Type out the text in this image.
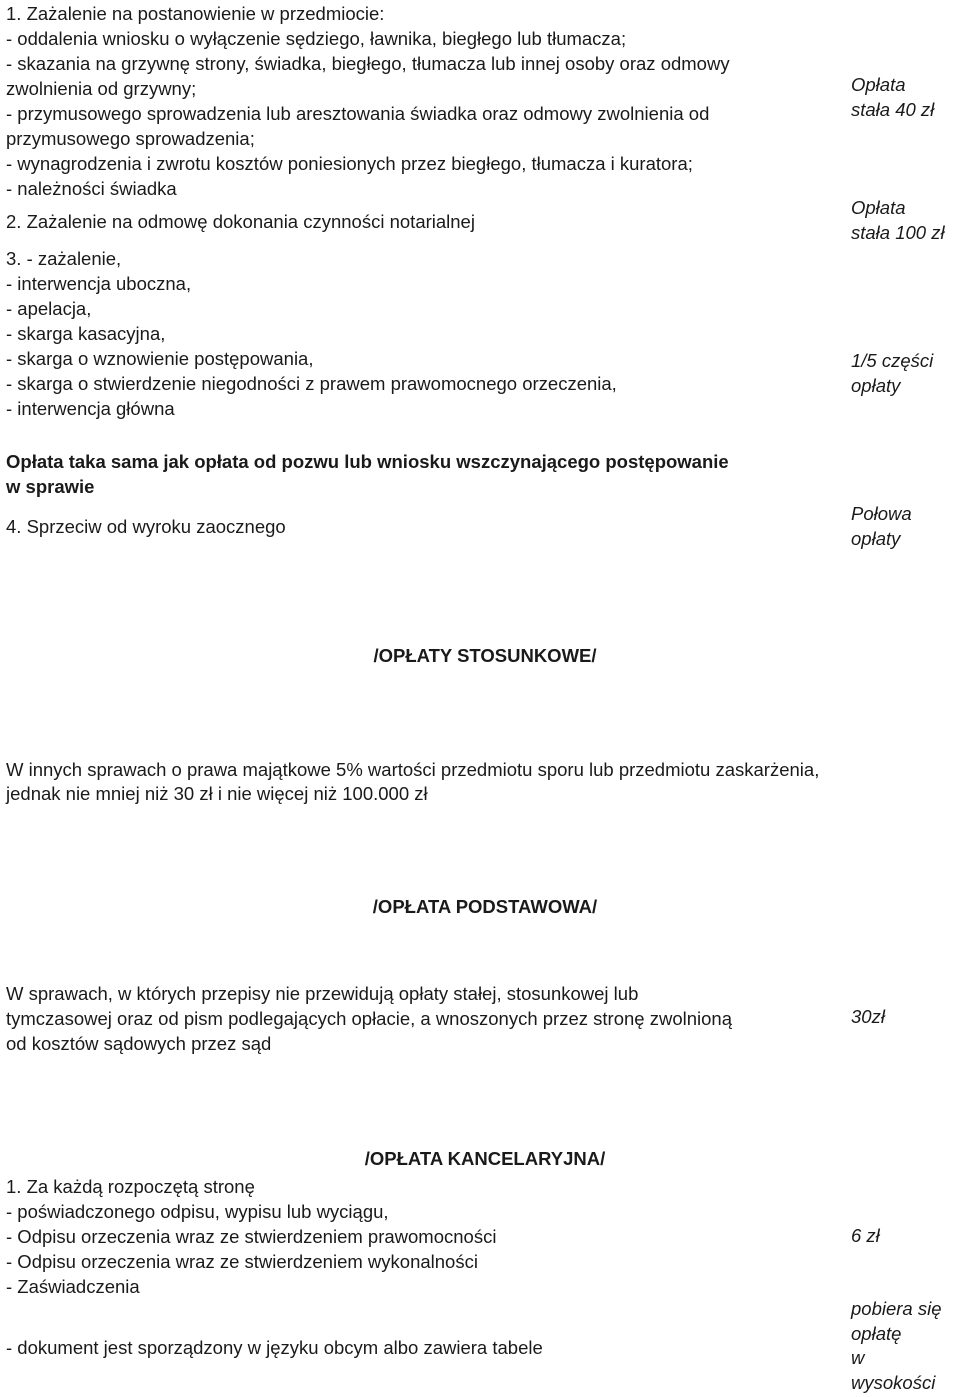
1. Zażalenie na postanowienie w przedmiocie:
- oddalenia wniosku o wyłączenie sędziego, ławnika, biegłego lub tłumacza;
- skazania na grzywnę strony, świadka, biegłego, tłumacza lub innej osoby oraz odmowy
zwolnienia od grzywny;
- przymusowego sprowadzenia lub aresztowania świadka oraz odmowy zwolnienia od
przymusowego sprowadzenia;
- wynagrodzenia i zwrotu kosztów poniesionych przez biegłego, tłumacza i kuratora;
- należności świadka
Opłata
stała 40 zł
2. Zażalenie na odmowę dokonania czynności notarialnej
Opłata
stała 100 zł
3. - zażalenie,
- interwencja uboczna,
- apelacja,
- skarga kasacyjna,
- skarga o wznowienie postępowania,
- skarga o stwierdzenie niegodności z prawem prawomocnego orzeczenia,
- interwencja główna
1/5 części
opłaty
Opłata taka sama jak opłata od pozwu lub wniosku wszczynającego postępowanie
w sprawie
4. Sprzeciw od wyroku zaocznego
Połowa
opłaty
/OPŁATY STOSUNKOWE/
W innych sprawach o prawa majątkowe 5% wartości przedmiotu sporu lub przedmiotu zaskarżenia,
jednak nie mniej niż 30 zł i nie więcej niż 100.000 zł
/OPŁATA PODSTAWOWA/
W sprawach, w których przepisy nie przewidują opłaty stałej, stosunkowej lub
tymczasowej oraz od pism podlegających opłacie, a wnoszonych przez stronę zwolnioną
od kosztów sądowych przez sąd
30zł
/OPŁATA KANCELARYJNA/
1. Za każdą rozpoczętą stronę
- poświadczonego odpisu, wypisu lub wyciągu,
- Odpisu orzeczenia wraz ze stwierdzeniem prawomocności
- Odpisu orzeczenia wraz ze stwierdzeniem wykonalności
- Zaświadczenia
6 zł
- dokument jest sporządzony w języku obcym albo zawiera tabele
pobiera się
opłatę
w
wysokości
